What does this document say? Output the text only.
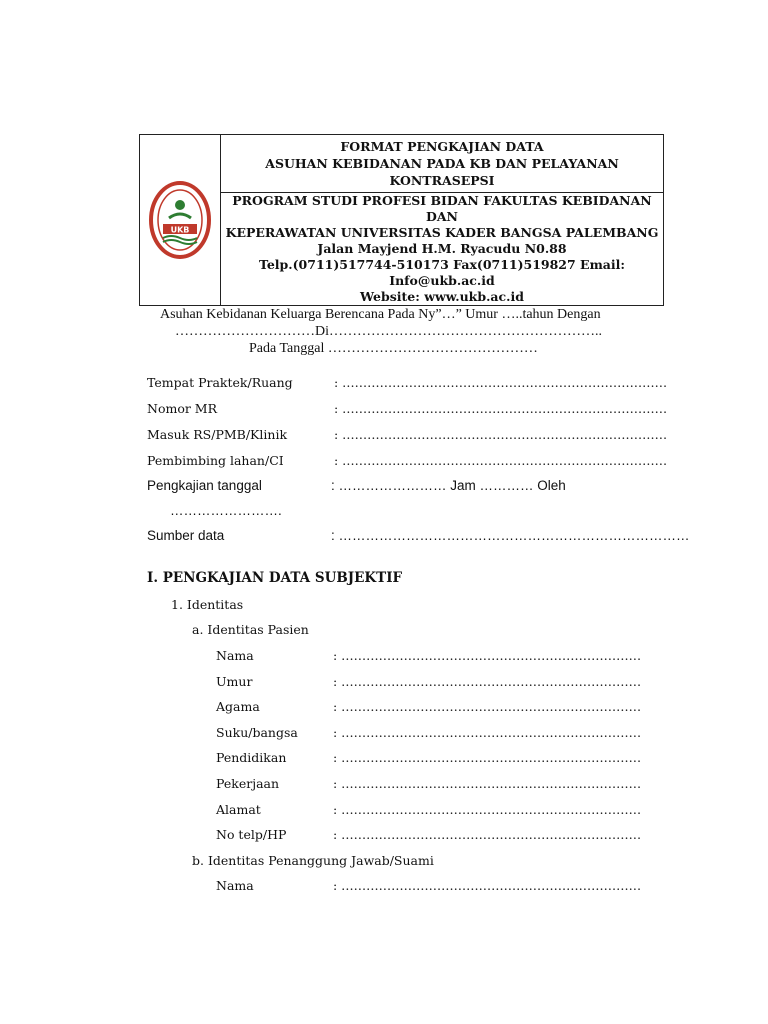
UKB
FORMAT PENGKAJIAN DATA
ASUHAN KEBIDANAN PADA KB DAN PELAYANAN KONTRASEPSI
PROGRAM STUDI PROFESI BIDAN FAKULTAS KEBIDANAN DAN
KEPERAWATAN UNIVERSITAS KADER BANGSA PALEMBANG
Jalan Mayjend H.M. Ryacudu N0.88
Telp.(0711)517744-510173 Fax(0711)519827 Email:
Info@ukb.ac.id
Website: www.ukb.ac.id
Asuhan Kebidanan Keluarga Berencana Pada Ny”…” Umur …..tahun Dengan
…………………………Di…………………………………………………..
Pada Tanggal ………………………………………
Tempat Praktek/Ruang	: ……………………………………………………………………
Nomor MR	: ……………………………………………………………………
Masuk RS/PMB/Klinik	: ……………………………………………………………………
Pembimbing lahan/CI	: ……………………………………………………………………
Pengkajian tanggal	: …………………… Jam ………… Oleh
…………………….
Sumber data	: ……………………………………………………………………
I. PENGKAJIAN DATA SUBJEKTIF
1. Identitas
a. Identitas Pasien
Nama	: ………………………………………………………………
Umur	: ………………………………………………………………
Agama	: ………………………………………………………………
Suku/bangsa	: ………………………………………………………………
Pendidikan	: ………………………………………………………………
Pekerjaan	: ………………………………………………………………
Alamat	: ………………………………………………………………
No telp/HP	: ………………………………………………………………
b. Identitas Penanggung Jawab/Suami
Nama	: ………………………………………………………………
